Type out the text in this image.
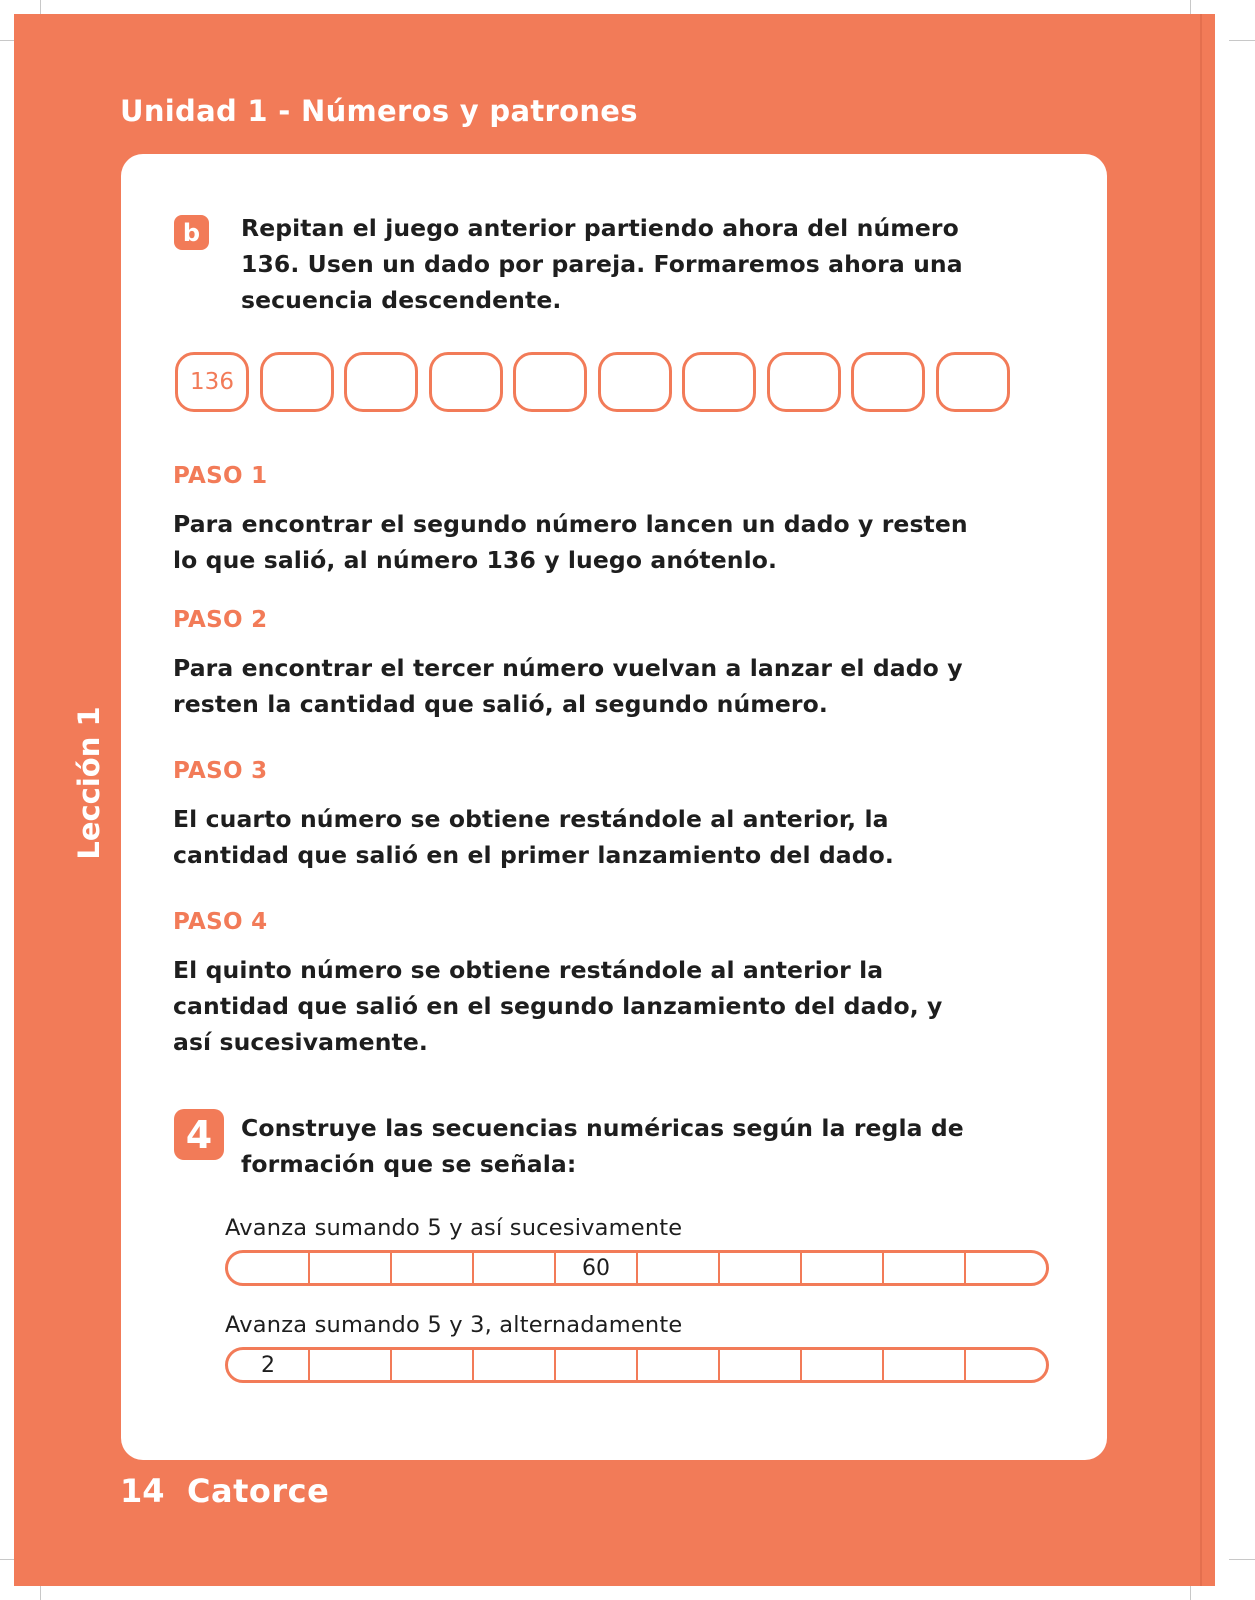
Unidad 1 - Números y patrones
Lección 1
b	Repitan el juego anterior partiendo ahora del número

136. Usen un dado por pareja. Formaremos ahora una

secuencia descendente.

136
PASO 1

Para encontrar el segundo número lancen un dado y resten

lo que salió, al número 136 y luego anótenlo.

PASO 2

Para encontrar el tercer número vuelvan a lanzar el dado y

resten la cantidad que salió, al segundo número.

PASO 3

El cuarto número se obtiene restándole al anterior, la

cantidad que salió en el primer lanzamiento del dado.

PASO 4

El quinto número se obtiene restándole al anterior la

cantidad que salió en el segundo lanzamiento del dado, y

así sucesivamente.

4	Construye las secuencias numéricas según la regla de

formación que se señala:

Avanza sumando 5 y así sucesivamente

60

Avanza sumando 5 y 3, alternadamente

2

14 Catorce
